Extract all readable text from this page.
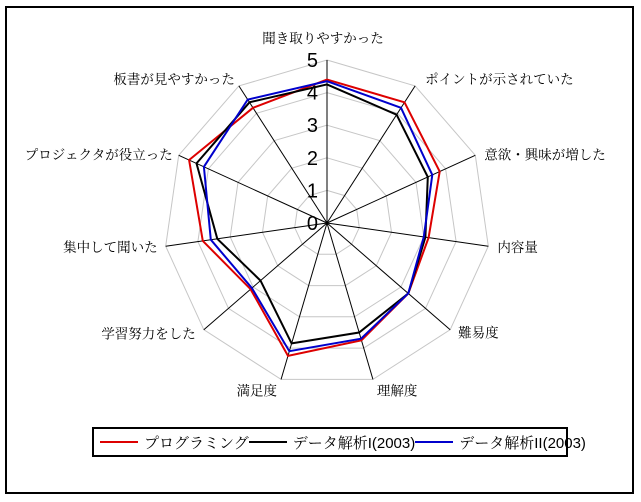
0
1
2
3
4
5
聞き取りやすかった
ポイントが示されていた
意欲・興味が増した
内容量
難易度
理解度
満足度
学習努力をした
集中して聞いた
プロジェクタが役立った
板書が見やすかった
プログラミング	データ解析I(2003)	データ解析II(2003)
